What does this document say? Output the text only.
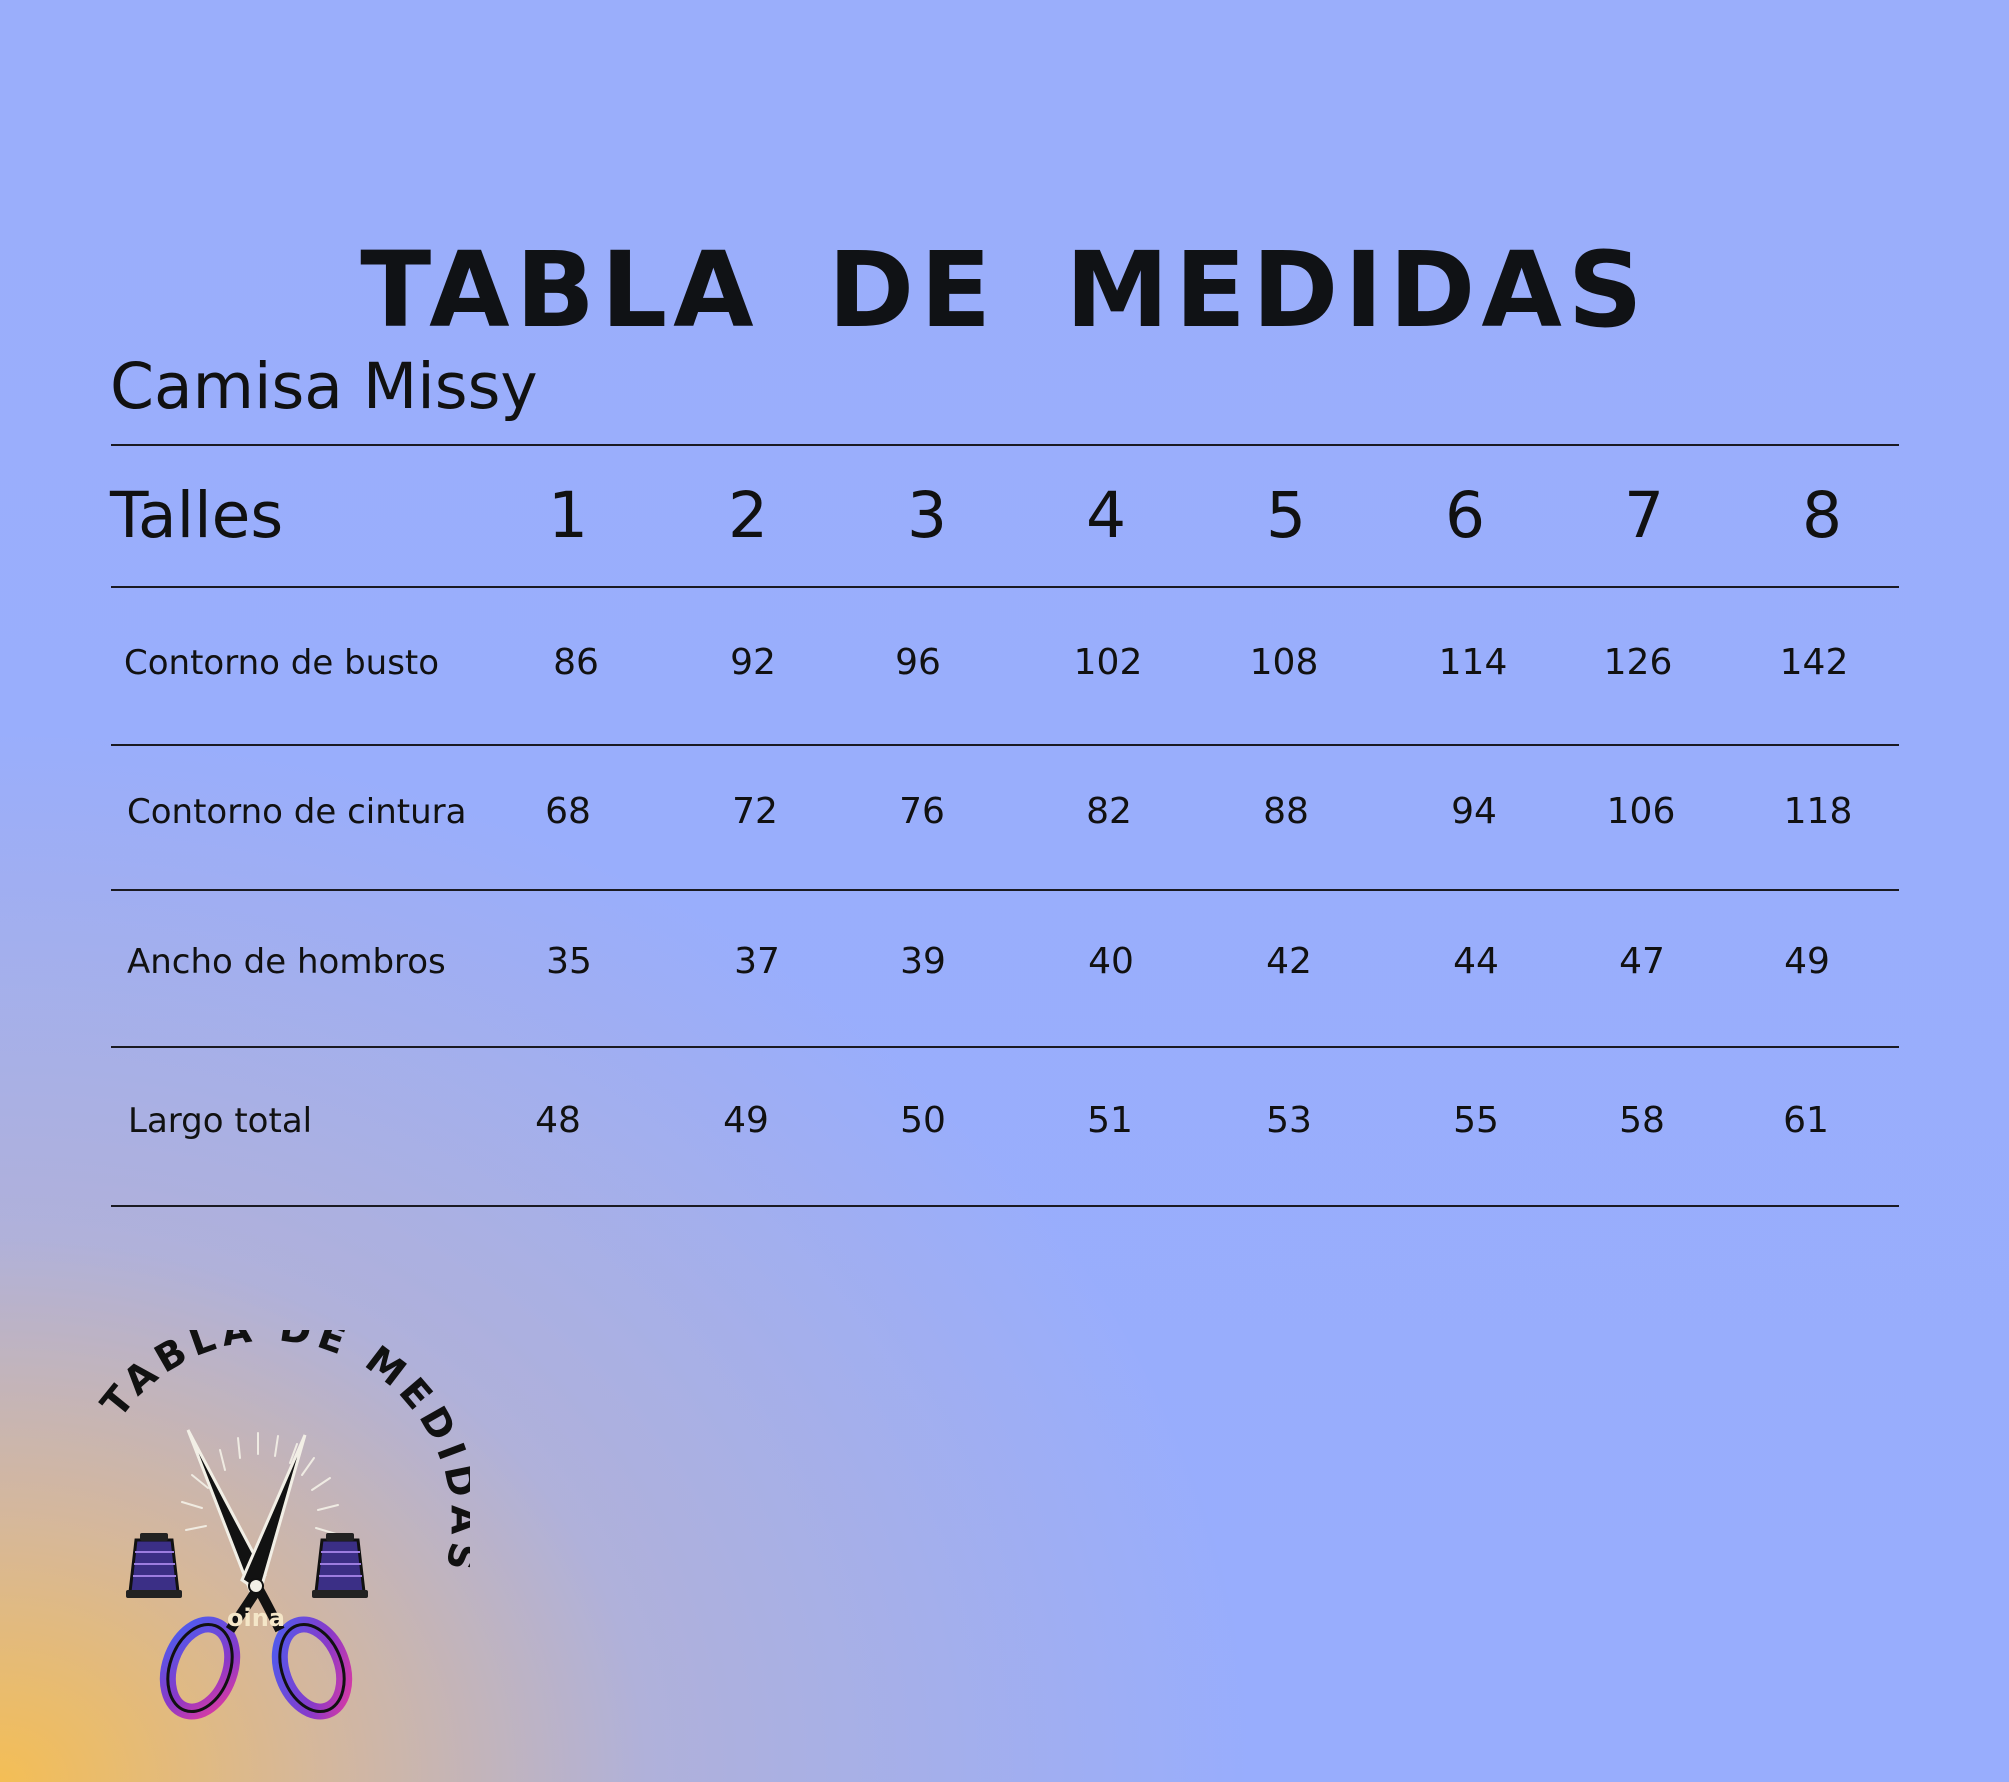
TABLA DE MEDIDAS
Camisa Missy
Talles	1	2	3	4	5	6	7	8
Contorno de busto	86	92	96	102	108	114	126	142
Contorno de cintura	68	72	76	82	88	94	106	118
Ancho de hombros	35	37	39	40	42	44	47	49
Largo total	48	49	50	51	53	55	58	61
TABLA E MED
oina
